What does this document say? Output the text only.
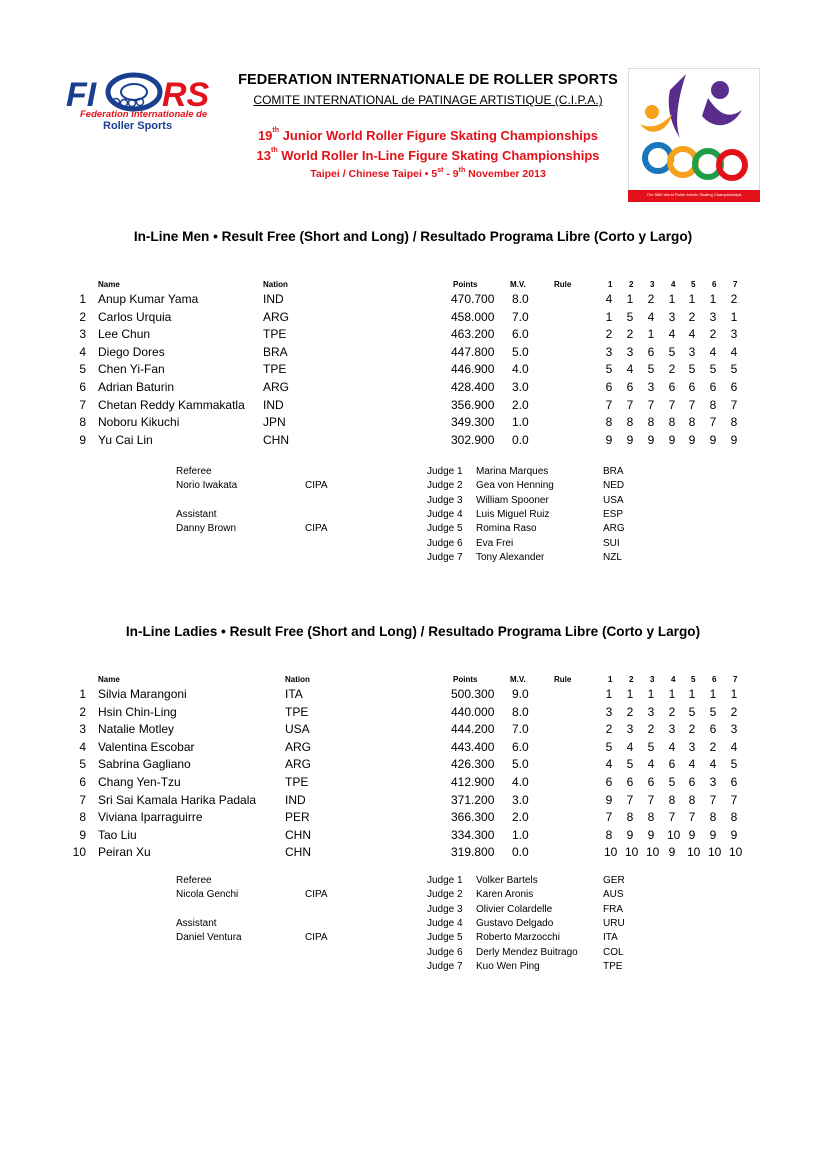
FI RS
Federation Internationale de
Roller Sports
FEDERATION INTERNATIONALE DE ROLLER SPORTS
COMITE INTERNATIONAL de PATINAGE ARTISTIQUE (C.I.P.A.)
19th Junior World Roller Figure Skating Championships
13th World Roller In-Line Figure Skating Championships
Taipei / Chinese Taipei • 5st - 9th November 2013
The 58th World Roller Artistic Skating Championships
In-Line Men • Result Free (Short and Long) / Resultado Programa Libre (Corto y Largo)
Name	Nation	Points	M.V.	Rule	1 2 3 4 5 6 7
1 Anup Kumar Yama	IND	470.700 8.0	4 1 2 1 1 1 2
2 Carlos Urquia	ARG	458.000 7.0	1 5 4 3 2 3 1
3 Lee Chun	TPE	463.200 6.0	2 2 1 4 4 2 3
4 Diego Dores	BRA	447.800 5.0	3 3 6 5 3 4 4
5 Chen Yi-Fan	TPE	446.900 4.0	5 4 5 2 5 5 5
6 Adrian Baturin	ARG	428.400 3.0	6 6 3 6 6 6 6
7 Chetan Reddy Kammakatla IND	356.900 2.0	7 7 7 7 7 8 7
8 Noboru Kikuchi	JPN	349.300 1.0	8 8 8 8 8 7 8
9 Yu Cai Lin	CHN	302.900 0.0	9 9 9 9 9 9 9
Referee
Norio Iwakata	CIPA
Assistant
Danny Brown	CIPA
Judge 1 Marina Marques	BRA
Judge 2 Gea von Henning	NED
Judge 3 William Spooner	USA
Judge 4 Luis Miguel Ruiz	ESP
Judge 5 Romina Raso	ARG
Judge 6 Eva Frei	SUI
Judge 7 Tony Alexander	NZL
In-Line Ladies • Result Free (Short and Long) / Resultado Programa Libre (Corto y Largo)
Name	Nation	Points	M.V.	Rule	1 2 3 4 5 6 7
1 Silvia Marangoni	ITA	500.300 9.0	1 1 1 1 1 1 1
2 Hsin Chin-Ling	TPE	440.000 8.0	3 2 3 2 5 5 2
3 Natalie Motley	USA	444.200 7.0	2 3 2 3 2 6 3
4 Valentina Escobar	ARG	443.400 6.0	5 4 5 4 3 2 4
5 Sabrina Gagliano	ARG	426.300 5.0	4 5 4 6 4 4 5
6 Chang Yen-Tzu	TPE	412.900 4.0	6 6 6 5 6 3 6
7 Sri Sai Kamala Harika Padala IND	371.200 3.0	9 7 7 8 8 7 7
8 Viviana Iparraguirre	PER	366.300 2.0	7 8 8 7 7 8 8
9 Tao Liu	CHN	334.300 1.0	8 9 9 10 9 9 9
10 Peiran Xu	CHN	319.800 0.0	10 10 10 9 10 10 10
Referee
Nicola Genchi	CIPA
Assistant
Daniel Ventura	CIPA
Judge 1 Volker Bartels	GER
Judge 2 Karen Aronis	AUS
Judge 3 Olivier Colardelle	FRA
Judge 4 Gustavo Delgado	URU
Judge 5 Roberto Marzocchi	ITA
Judge 6 Derly Mendez Buitrago	COL
Judge 7 Kuo Wen Ping	TPE
